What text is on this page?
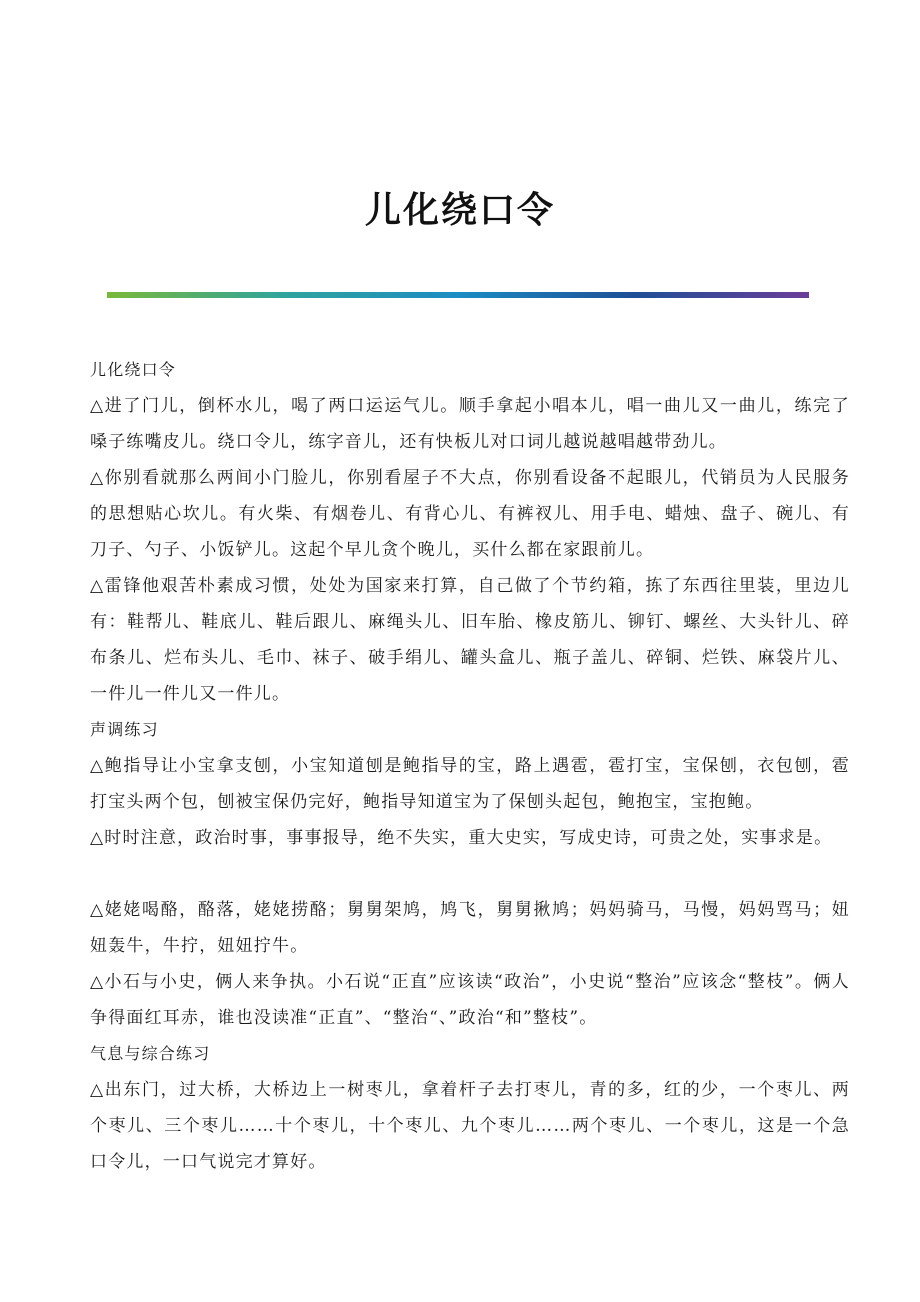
儿化绕口令

儿化绕口令

△进了门儿，倒杯水儿，喝了两口运运气儿。顺手拿起小唱本儿，唱一曲儿又一曲儿，练完了嗓子练嘴皮儿。绕口令儿，练字音儿，还有快板儿对口词儿越说越唱越带劲儿。

△你别看就那么两间小门脸儿，你别看屋子不大点，你别看设备不起眼儿，代销员为人民服务的思想贴心坎儿。有火柴、有烟卷儿、有背心儿、有裤衩儿、用手电、蜡烛、盘子、碗儿、有刀子、勺子、小饭铲儿。这起个早儿贪个晚儿，买什么都在家跟前儿。

△雷锋他艰苦朴素成习惯，处处为国家来打算，自己做了个节约箱，拣了东西往里装，里边儿有：鞋帮儿、鞋底儿、鞋后跟儿、麻绳头儿、旧车胎、橡皮筋儿、铆钉、螺丝、大头针儿、碎布条儿、烂布头儿、毛巾、袜子、破手绢儿、罐头盒儿、瓶子盖儿、碎铜、烂铁、麻袋片儿、一件儿一件儿又一件儿。

声调练习

△鲍指导让小宝拿支刨，小宝知道刨是鲍指导的宝，路上遇雹，雹打宝，宝保刨，衣包刨，雹打宝头两个包，刨被宝保仍完好，鲍指导知道宝为了保刨头起包，鲍抱宝，宝抱鲍。

△时时注意，政治时事，事事报导，绝不失实，重大史实，写成史诗，可贵之处，实事求是。

△姥姥喝酪，酪落，姥姥捞酪；舅舅架鸠，鸠飞，舅舅揪鸠；妈妈骑马，马慢，妈妈骂马；妞妞轰牛，牛拧，妞妞拧牛。

△小石与小史，俩人来争执。小石说“正直”应该读“政治”，小史说“整治”应该念“整枝”。俩人争得面红耳赤，谁也没读准“正直”、“整治“、”政治“和”整枝”。

气息与综合练习

△出东门，过大桥，大桥边上一树枣儿，拿着杆子去打枣儿，青的多，红的少，一个枣儿、两个枣儿、三个枣儿……十个枣儿，十个枣儿、九个枣儿……两个枣儿、一个枣儿，这是一个急口令儿，一口气说完才算好。
